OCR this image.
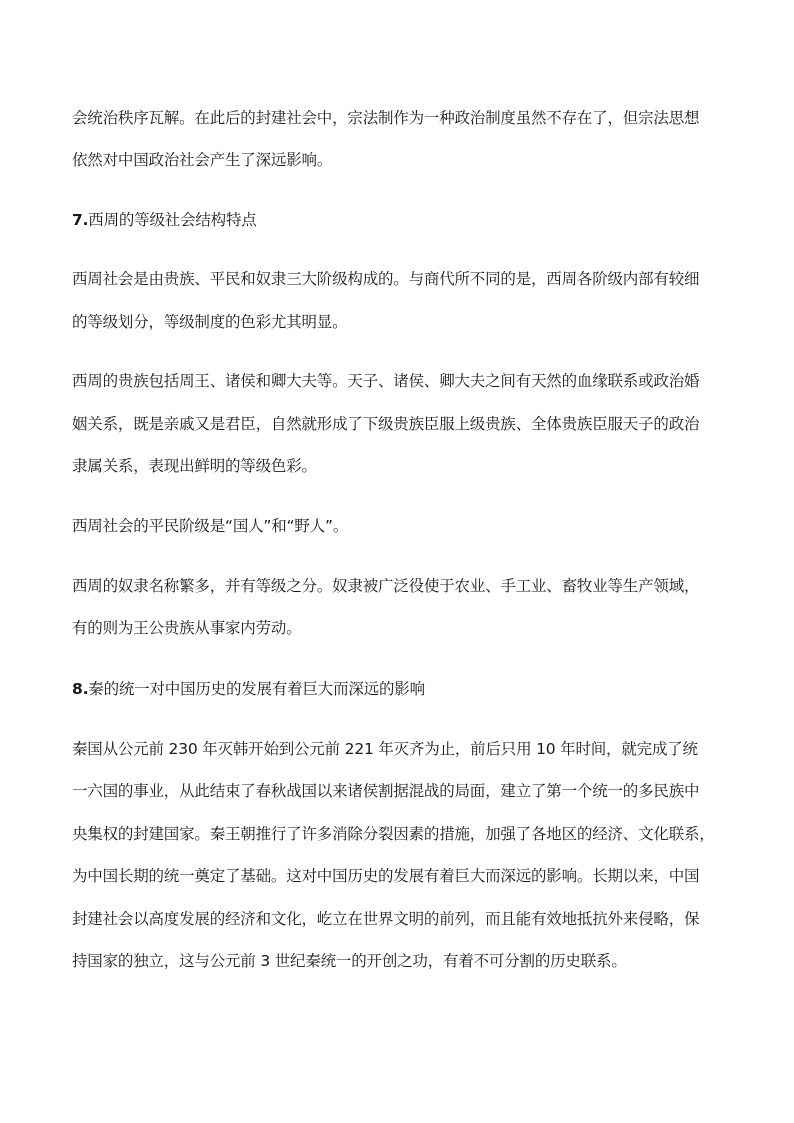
会统治秩序瓦解。在此后的封建社会中，宗法制作为一种政治制度虽然不存在了，但宗法思想
依然对中国政治社会产生了深远影响。
7.西周的等级社会结构特点
西周社会是由贵族、平民和奴隶三大阶级构成的。与商代所不同的是，西周各阶级内部有较细
的等级划分，等级制度的色彩尤其明显。
西周的贵族包括周王、诸侯和卿大夫等。天子、诸侯、卿大夫之间有天然的血缘联系或政治婚
姻关系，既是亲戚又是君臣，自然就形成了下级贵族臣服上级贵族、全体贵族臣服天子的政治
隶属关系，表现出鲜明的等级色彩。
西周社会的平民阶级是“国人”和“野人”。
西周的奴隶名称繁多，并有等级之分。奴隶被广泛役使于农业、手工业、畜牧业等生产领域，
有的则为王公贵族从事家内劳动。
8.秦的统一对中国历史的发展有着巨大而深远的影响
秦国从公元前 230 年灭韩开始到公元前 221 年灭齐为止，前后只用 10 年时间，就完成了统
一六国的事业，从此结束了春秋战国以来诸侯割据混战的局面，建立了第一个统一的多民族中
央集权的封建国家。秦王朝推行了许多消除分裂因素的措施，加强了各地区的经济、文化联系，
为中国长期的统一奠定了基础。这对中国历史的发展有着巨大而深远的影响。长期以来，中国
封建社会以高度发展的经济和文化，屹立在世界文明的前列，而且能有效地抵抗外来侵略，保
持国家的独立，这与公元前 3 世纪秦统一的开创之功，有着不可分割的历史联系。
